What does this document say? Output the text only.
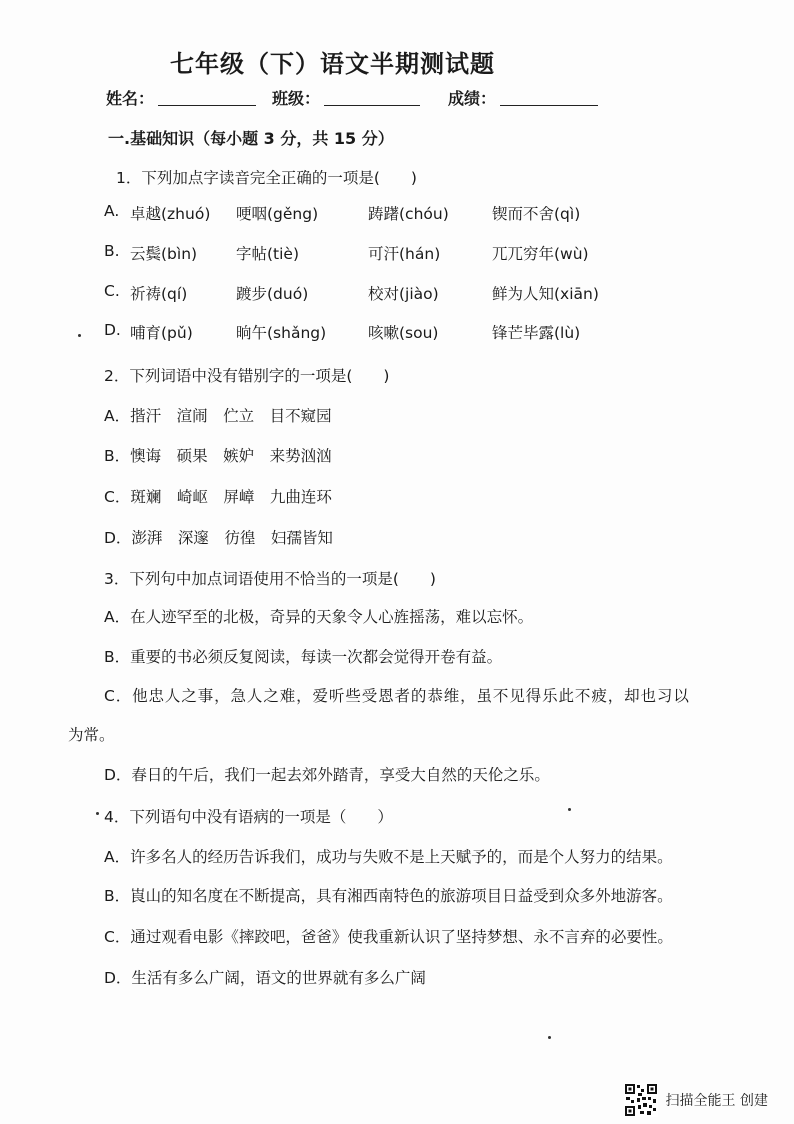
七年级（下）语文半期测试题
姓名：	班级：	成绩：
一.基础知识（每小题 3 分，共 15 分）
1．下列加点字读音完全正确的一项是(　　)
A. 卓越(zhuó) 哽咽(gěng)	踌躇(chóu)	锲而不舍(qì)
B. 云鬓(bìn)	字帖(tiè)	可汗(hán)	兀兀穷年(wù)
C. 祈祷(qí)	踱步(duó)	校对(jiào)	鲜为人知(xiān)
D. 哺育(pǔ)	晌午(shǎng)	咳嗽(sou)	锋芒毕露(lù)
2．下列词语中没有错别字的一项是(　　)
A．揩汗　渲闹　伫立　目不窥园
B．懊诲　硕果　嫉妒　来势汹汹
C．斑斓　崎岖　屏嶂　九曲连环
D．澎湃　深邃　彷徨　妇孺皆知
3．下列句中加点词语使用不恰当的一项是(　　)
A．在人迹罕至的北极，奇异的天象令人心旌摇荡，难以忘怀。
B．重要的书必须反复阅读，每读一次都会觉得开卷有益。
C．他忠人之事，急人之难，爱听些受恩者的恭维，虽不见得乐此不疲，却也习以
为常。
D．春日的午后，我们一起去郊外踏青，享受大自然的天伦之乐。
4．下列语句中没有语病的一项是（　　）
A．许多名人的经历告诉我们，成功与失败不是上天赋予的，而是个人努力的结果。
B．崀山的知名度在不断提高，具有湘西南特色的旅游项目日益受到众多外地游客。
C．通过观看电影《摔跤吧，爸爸》使我重新认识了坚持梦想、永不言弃的必要性。
D．生活有多么广阔，语文的世界就有多么广阔
扫描全能王 创建
